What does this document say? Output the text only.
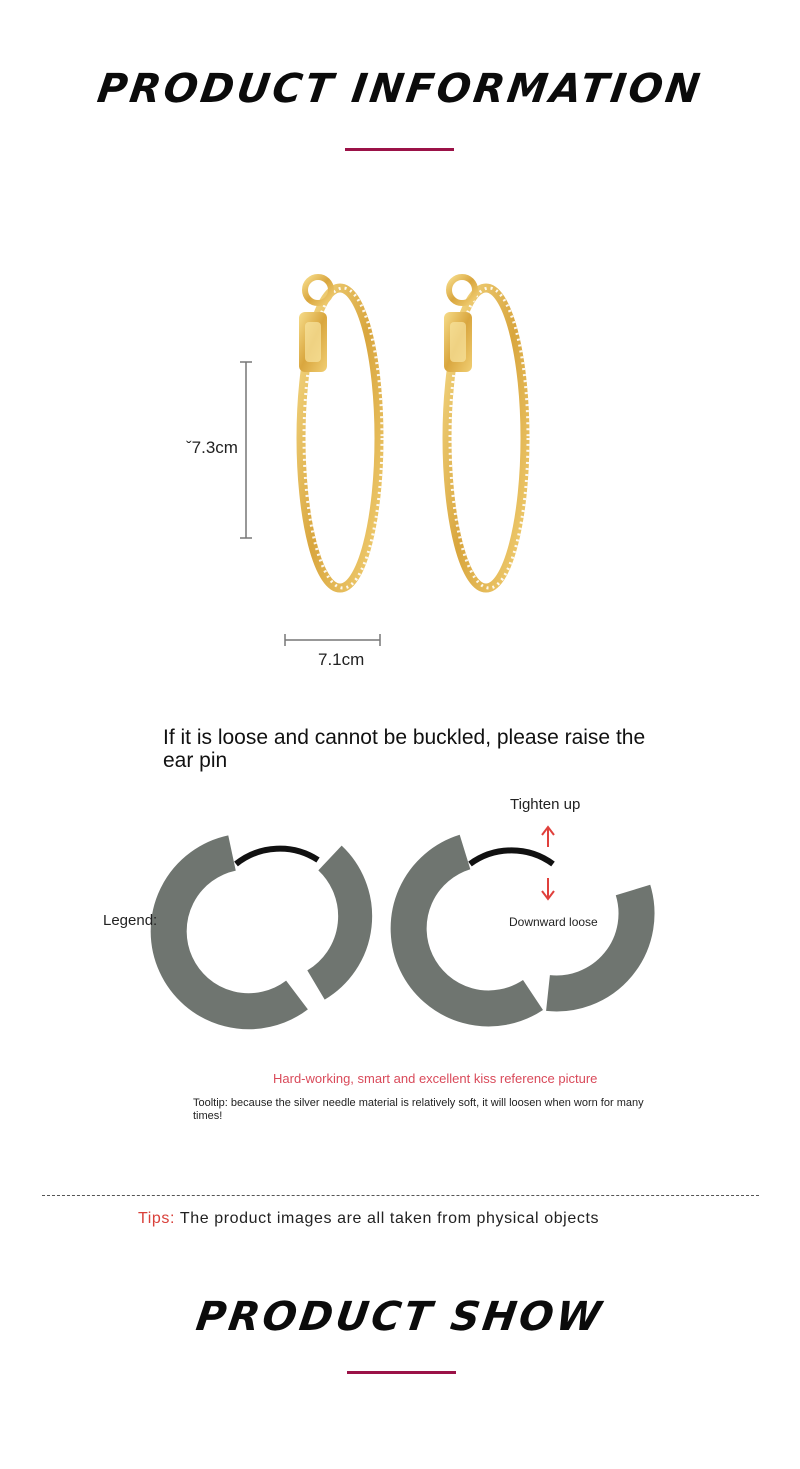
PRODUCT INFORMATION
ˇ7.3cm
7.1cm
If it is loose and cannot be buckled, please raise the
ear pin
Tighten up
Legend:	Downward loose
Hard-working, smart and excellent kiss reference picture
Tooltip: because the silver needle material is relatively soft, it will loosen when worn for many
times!
Tips: The product images are all taken from physical objects
PRODUCT SHOW
